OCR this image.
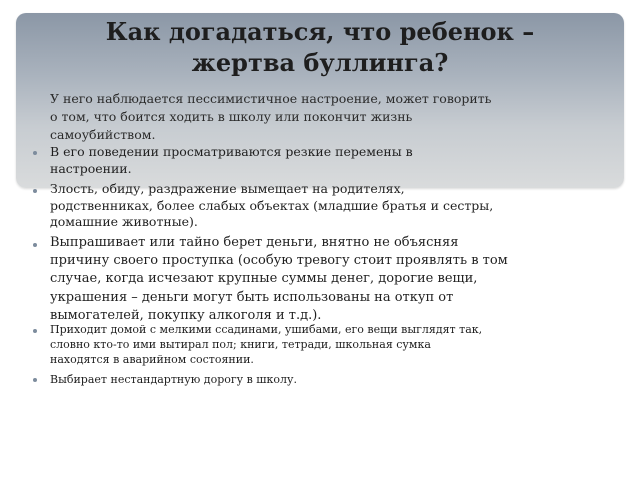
Как догадаться, что ребенок –
жертва буллинга?
У него наблюдается пессимистичное настроение, может говорить
о том, что боится ходить в школу или покончит жизнь
самоубийством.
В его поведении просматриваются резкие перемены в
настроении.
Злость, обиду, раздражение вымещает на родителях,
родственниках, более слабых объектах (младшие братья и сестры,
домашние животные).
Выпрашивает или тайно берет деньги, внятно не объясняя
причину своего проступка (особую тревогу стоит проявлять в том
случае, когда исчезают крупные суммы денег, дорогие вещи,
украшения – деньги могут быть использованы на откуп от
вымогателей, покупку алкоголя и т.д.).
Приходит домой с мелкими ссадинами, ушибами, его вещи выглядят так,
словно кто-то ими вытирал пол; книги, тетради, школьная сумка
находятся в аварийном состоянии.
Выбирает нестандартную дорогу в школу.
